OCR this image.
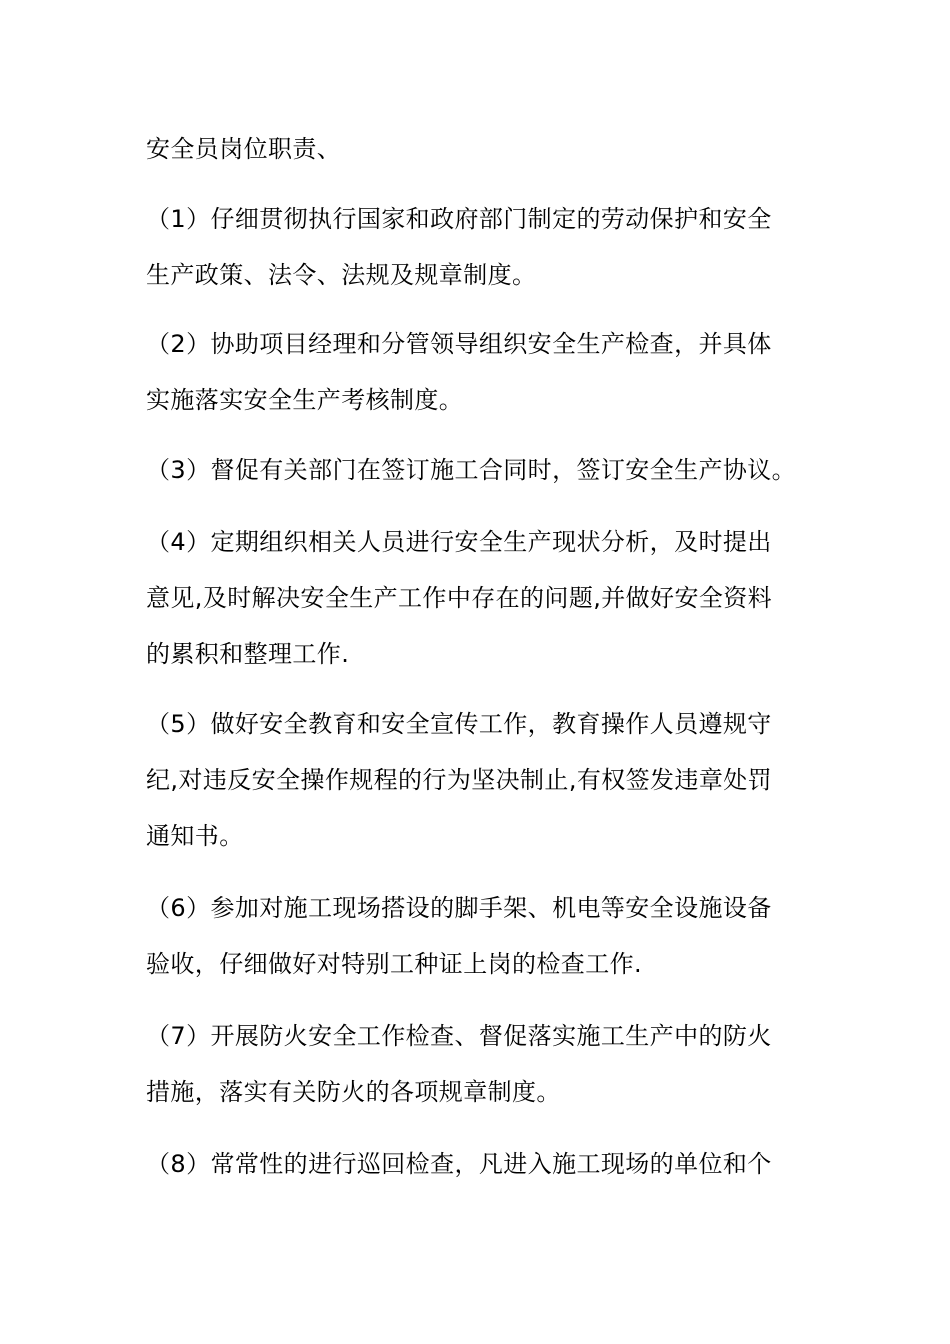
安全员岗位职责、
（1）仔细贯彻执行国家和政府部门制定的劳动保护和安全
生产政策、法令、法规及规章制度。
（2）协助项目经理和分管领导组织安全生产检查，并具体
实施落实安全生产考核制度。
（3）督促有关部门在签订施工合同时，签订安全生产协议。
（4）定期组织相关人员进行安全生产现状分析，及时提出
意见,及时解决安全生产工作中存在的问题,并做好安全资料
的累积和整理工作.
（5）做好安全教育和安全宣传工作，教育操作人员遵规守
纪,对违反安全操作规程的行为坚决制止,有权签发违章处罚
通知书。
（6）参加对施工现场搭设的脚手架、机电等安全设施设备
验收，仔细做好对特别工种证上岗的检查工作.
（7）开展防火安全工作检查、督促落实施工生产中的防火
措施，落实有关防火的各项规章制度。
（8）常常性的进行巡回检查，凡进入施工现场的单位和个
